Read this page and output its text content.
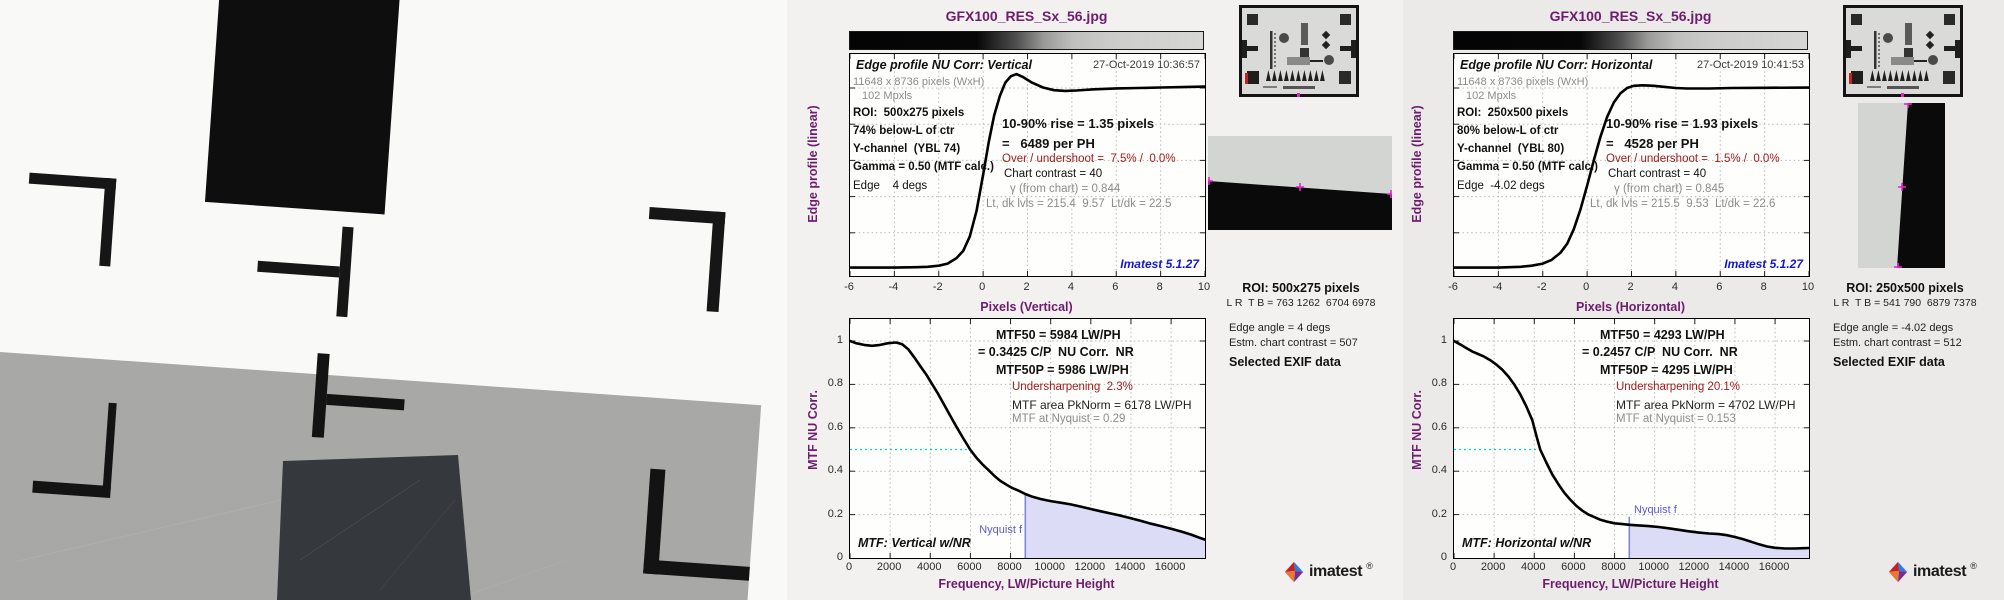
GFX100_RES_Sx_56.jpg
Edge profile NU Corr: Vertical	27-Oct-2019 10:36:57
11648 x 8736 pixels (WxH)
102 Mpxls
ROI:  500x275 pixels
74% below-L of ctr
Y-channel  (YBL 74)
Gamma = 0.50 (MTF calc.)
Edge    4 degs
10-90% rise = 1.35 pixels
=   6489 per PH
Over / undershoot =  7.5% /  0.0%
Chart contrast = 40
γ (from chart) = 0.844
Lt, dk lvls = 215.4  9.57  Lt/dk = 22.5
Imatest 5.1.27
Pixels (Vertical)
Edge profile (linear)
MTF50 = 5984 LW/PH
= 0.3425 C/P  NU Corr.  NR
MTF50P = 5986 LW/PH
Undersharpening  2.3%
MTF area PkNorm = 6178 LW/PH
MTF at Nyquist = 0.29
MTF: Vertical w/NR
Nyquist f
Frequency, LW/Picture Height
MTF NU Corr.
ROI: 500x275 pixels
L R  T B = 763 1262  6704 6978
Edge angle = 4 degs
Estm. chart contrast = 507
Selected EXIF data
imatest ®
-6	-4	-2	0	2	4	6	8	10
0	2000	4000	6000	8000	10000 12000 14000 16000
0
0.2
0.4
0.6
0.8
1
GFX100_RES_Sx_56.jpg
Edge profile NU Corr: Horizontal	27-Oct-2019 10:41:53
11648 x 8736 pixels (WxH)
102 Mpxls
ROI:  250x500 pixels
80% below-L of ctr
Y-channel  (YBL 80)
Gamma = 0.50 (MTF calc.)
Edge  -4.02 degs
10-90% rise = 1.93 pixels
=   4528 per PH
Over / undershoot =  1.5% /  0.0%
Chart contrast = 40
γ (from chart) = 0.845
Lt, dk lvls = 215.5  9.53  Lt/dk = 22.6
Imatest 5.1.27
Pixels (Horizontal)
Edge profile (linear)
MTF50 = 4293 LW/PH
= 0.2457 C/P  NU Corr.  NR
MTF50P = 4295 LW/PH
Undersharpening 20.1%
MTF area PkNorm = 4702 LW/PH
MTF at Nyquist = 0.153
MTF: Horizontal w/NR
Nyquist f
Frequency, LW/Picture Height
MTF NU Corr.
ROI: 250x500 pixels
L R  T B = 541 790  6879 7378
Edge angle = -4.02 degs
Estm. chart contrast = 512
Selected EXIF data
imatest ®
-6	-4	-2	0	2	4	6	8	10
0	2000	4000	6000	8000	10000 12000 14000 16000
0
0.2
0.4
0.6
0.8
1
